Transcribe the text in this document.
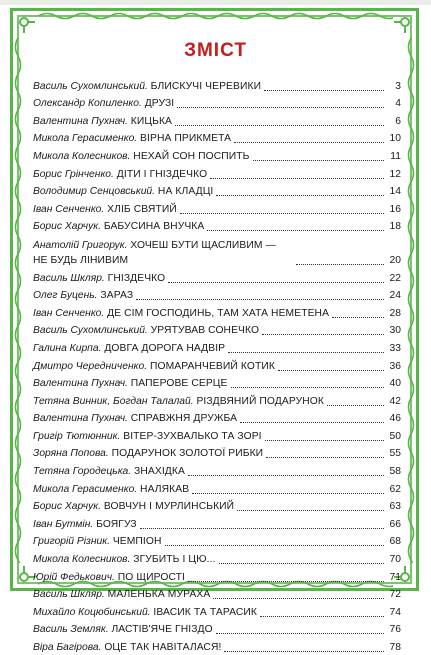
ЗМІСТ
Василь Сухомлинський. БЛИСКУЧІ ЧЕРЕВИКИ	3
Олександр Копиленко. ДРУЗІ	4
Валентина Пухнач. КИЦЬКА	6
Микола Герасименко. ВІРНА ПРИКМЕТА	10
Микола Колесников. НЕХАЙ СОН ПОСПИТЬ	11
Борис Грінченко. ДІТИ І ГНІЗДЕЧКО	12
Володимир Сенцовський. НА КЛАДЦІ	14
Іван Сенченко. ХЛІБ СВЯТИЙ	16
Борис Харчук. БАБУСИНА ВНУЧКА	18
Анатолій Григорук. ХОЧЕШ БУТИ ЩАСЛИВИМ — НЕ БУДЬ ЛІНИВИМ	20
Василь Шкляр. ГНІЗДЕЧКО	22
Олег Буцень. ЗАРАЗ	24
Іван Сенченко. ДЕ СІМ ГОСПОДИНЬ, ТАМ ХАТА НЕМЕТЕНА	28
Василь Сухомлинський. УРЯТУВАВ СОНЕЧКО	30
Галина Кирпа. ДОВГА ДОРОГА НАДВІР	33
Дмитро Чередниченко. ПОМАРАНЧЕВИЙ КОТИК	36
Валентина Пухнач. ПАПЕРОВЕ СЕРЦЕ	40
Тетяна Винник, Богдан Талалай. РІЗДВЯНИЙ ПОДАРУНОК	42
Валентина Пухнач. СПРАВЖНЯ ДРУЖБА	46
Григір Тютюнник. ВІТЕР-ЗУХВАЛЬКО ТА ЗОРІ	50
Зоряна Попова. ПОДАРУНОК ЗОЛОТОЇ РИБКИ	55
Тетяна Городецька. ЗНАХІДКА	58
Микола Герасименко. НАЛЯКАВ	62
Борис Харчук. ВОВЧУН І МУРЛИНСЬКИЙ	63
Іван Бутмін. БОЯГУЗ	66
Григорій Різник. ЧЕМПІОН	68
Микола Колесников. ЗГУБИТЬ І ЦЮ...	70
Юрій Федькович. ПО ЩИРОСТІ	71
Василь Шкляр. МАЛЕНЬКА МУРАХА	72
Михайло Коцюбинський. ІВАСИК ТА ТАРАСИК	74
Василь Земляк. ЛАСТІВ'ЯЧЕ ГНІЗДО	76
Віра Багірова. ОЦЕ ТАК НАВІТАЛАСЯ!	78
